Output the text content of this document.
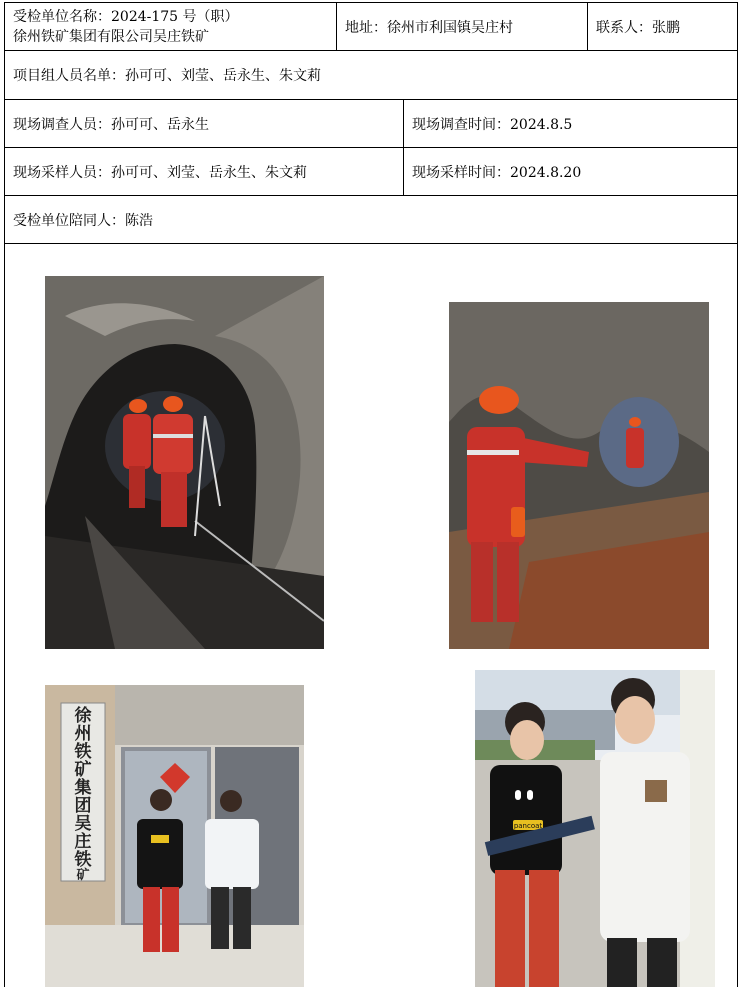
受检单位名称：2024-175 号（职）
徐州铁矿集团有限公司吴庄铁矿
地址：徐州市利国镇吴庄村	联系人：张鹏
项目组人员名单：孙可可、刘莹、岳永生、朱文莉
现场调查人员：孙可可、岳永生	现场调查时间：2024.8.5
现场采样人员：孙可可、刘莹、岳永生、朱文莉	现场采样时间：2024.8.20
受检单位陪同人：陈浩
徐
州
铁
矿
集
团
吴
庄
铁
矿
pancoat
